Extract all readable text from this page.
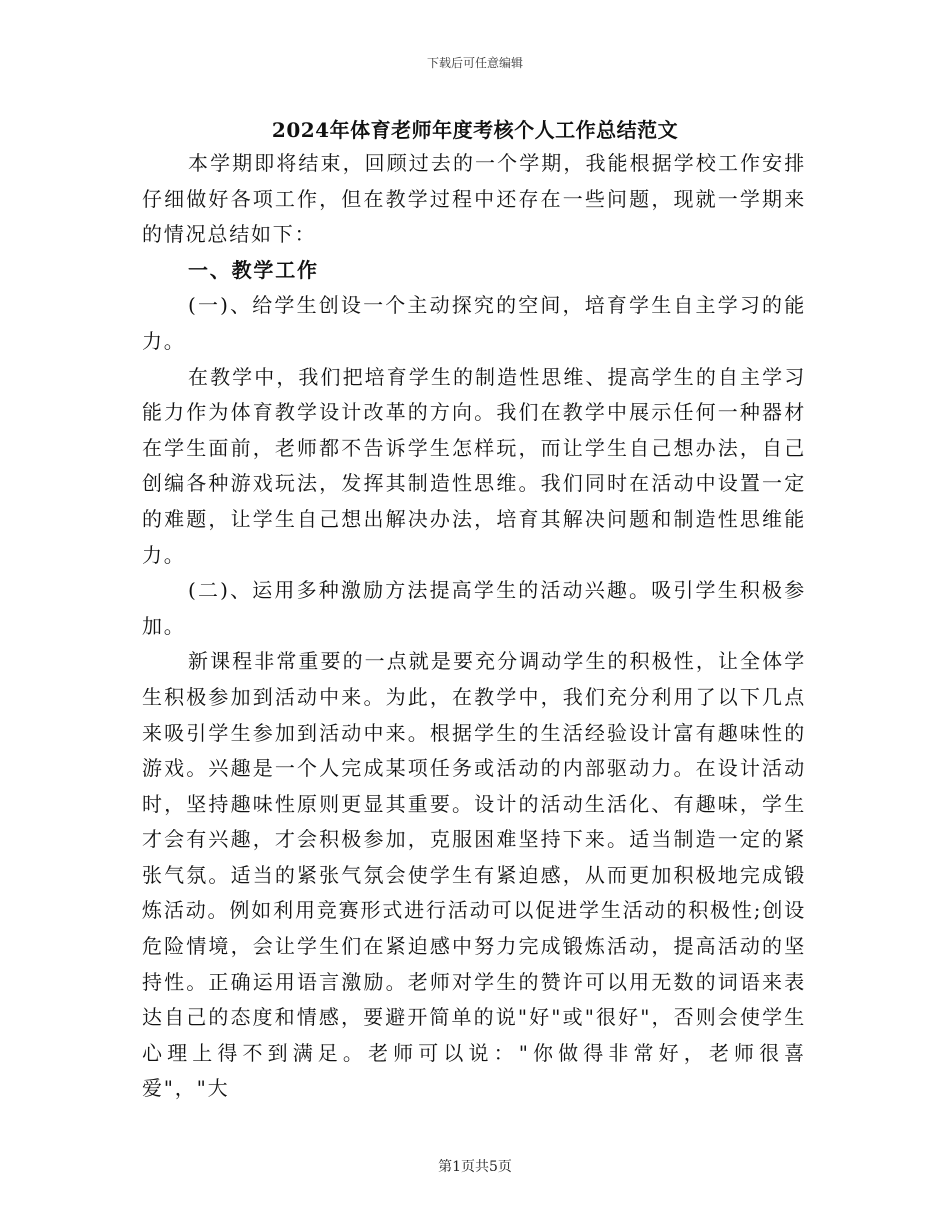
下载后可任意编辑
2024年体育老师年度考核个人工作总结范文

本学期即将结束，回顾过去的一个学期，我能根据学校工作安排仔细做好各项工作，但在教学过程中还存在一些问题，现就一学期来的情况总结如下：

一、教学工作

(一)、给学生创设一个主动探究的空间，培育学生自主学习的能力。

在教学中，我们把培育学生的制造性思维、提高学生的自主学习能力作为体育教学设计改革的方向。我们在教学中展示任何一种器材在学生面前，老师都不告诉学生怎样玩，而让学生自己想办法，自己创编各种游戏玩法，发挥其制造性思维。我们同时在活动中设置一定的难题，让学生自己想出解决办法，培育其解决问题和制造性思维能力。

(二)、运用多种激励方法提高学生的活动兴趣。吸引学生积极参加。

新课程非常重要的一点就是要充分调动学生的积极性，让全体学生积极参加到活动中来。为此，在教学中，我们充分利用了以下几点来吸引学生参加到活动中来。根据学生的生活经验设计富有趣味性的游戏。兴趣是一个人完成某项任务或活动的内部驱动力。在设计活动时，坚持趣味性原则更显其重要。设计的活动生活化、有趣味，学生才会有兴趣，才会积极参加，克服困难坚持下来。适当制造一定的紧张气氛。适当的紧张气氛会使学生有紧迫感，从而更加积极地完成锻炼活动。例如利用竞赛形式进行活动可以促进学生活动的积极性;创设危险情境，会让学生们在紧迫感中努力完成锻炼活动，提高活动的坚持性。正确运用语言激励。老师对学生的赞许可以用无数的词语来表达自己的态度和情感，要避开简单的说"好"或"很好"，否则会使学生心理上得不到满足。老师可以说："你做得非常好，老师很喜爱"，"大

第1页共5页
